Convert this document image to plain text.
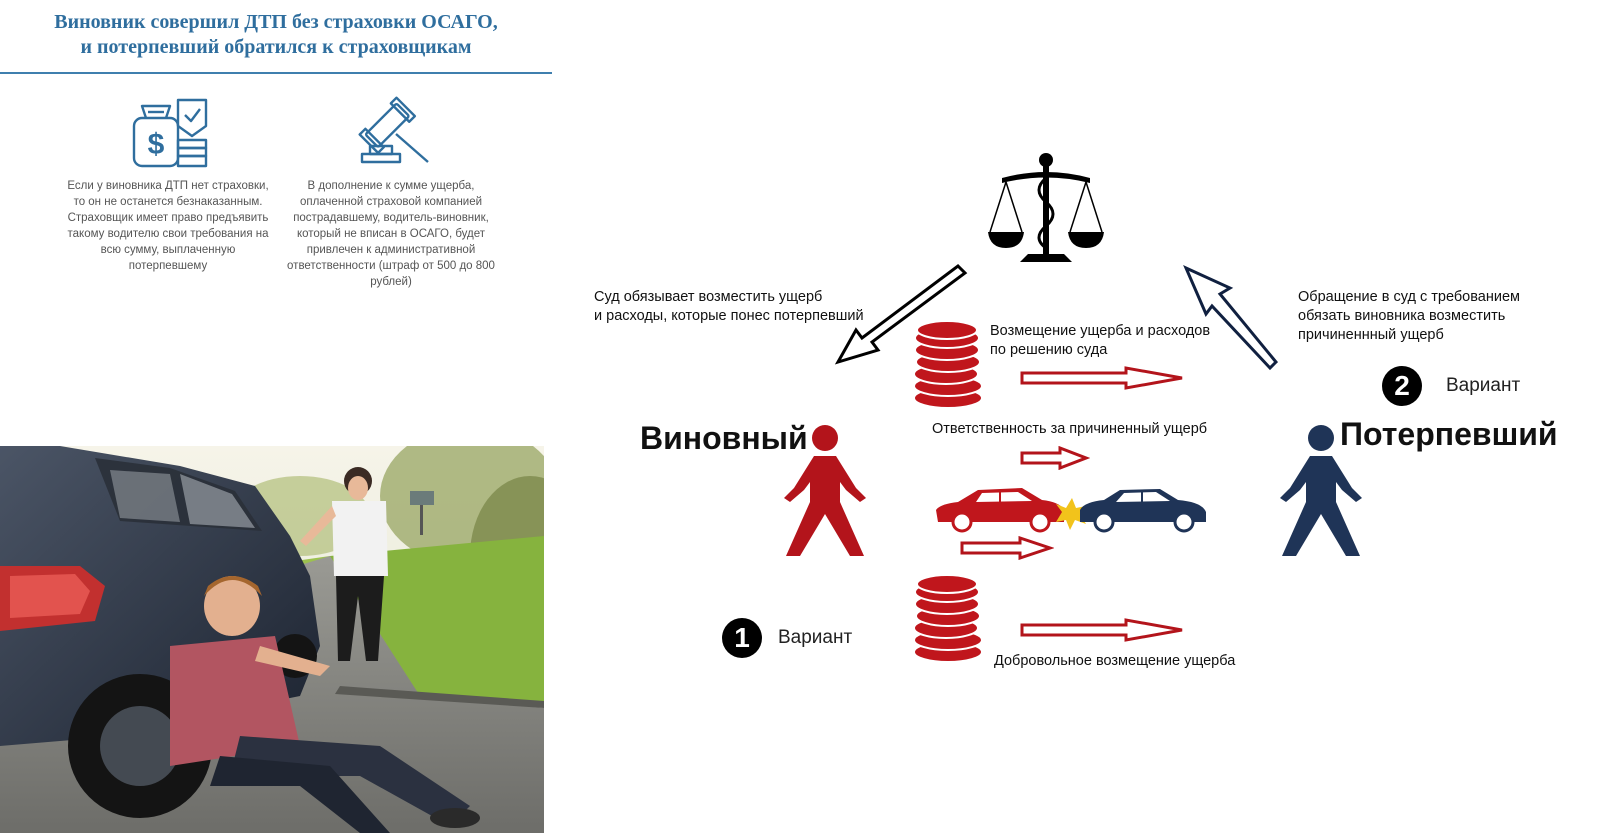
Виновник совершил ДТП без страховки ОСАГО,
и потерпевший обратился к страховщикам
$
Если у виновника ДТП нет страховки, то он не останется безнаказанным. Страховщик имеет право предъявить такому водителю свои требования на всю сумму, выплаченную потерпевшему
В дополнение к сумме ущерба, оплаченной страховой компанией пострадавшему, водитель-виновник, который не вписан в ОСАГО, будет привлечен к административной ответственности (штраф от 500 до 800 рублей)
Суд обязывает возместить ущерб
и расходы, которые понес потерпевший
Обращение в суд с требованием
обязать виновника возместить
причиненнный ущерб
Возмещение ущерба и расходов
по решению суда
Ответственность за причиненный ущерб
Добровольное возмещение ущерба
Виновный	Потерпевший
2	Вариант
1	Вариант
